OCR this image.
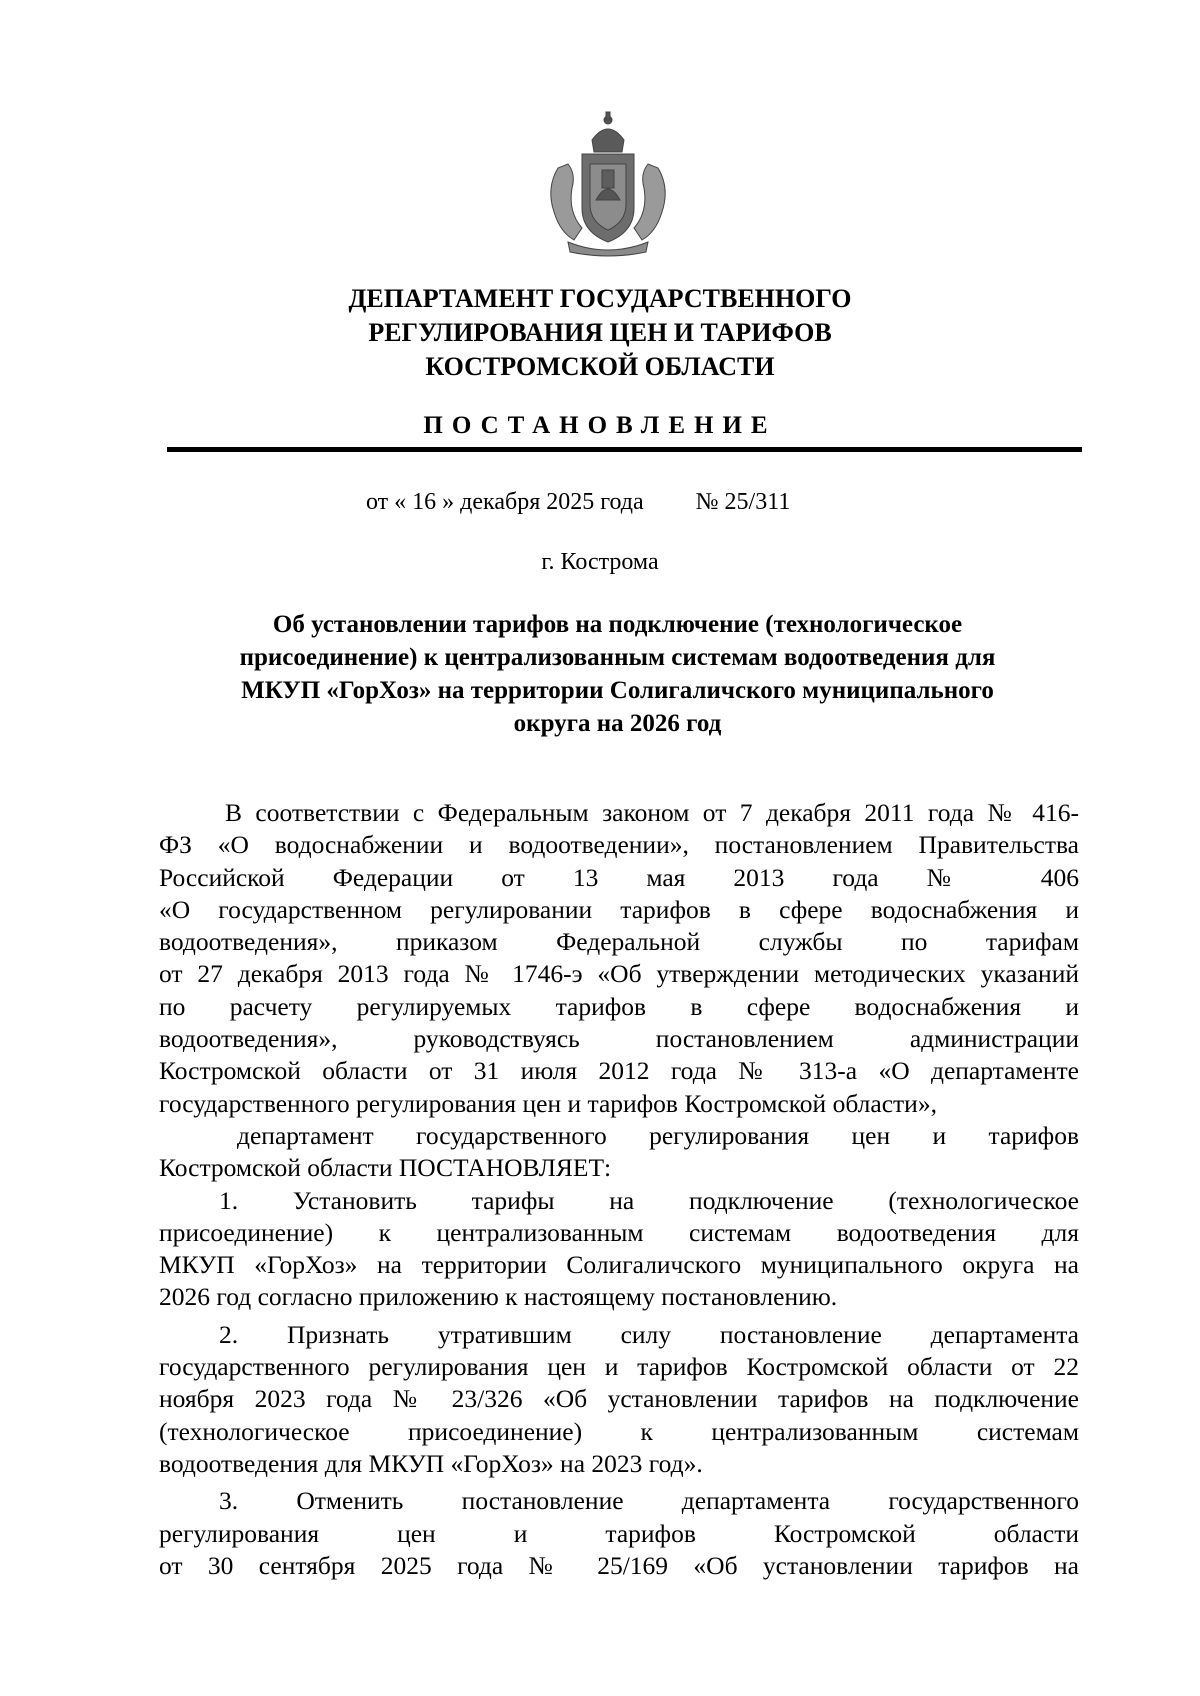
ДЕПАРТАМЕНТ ГОСУДАРСТВЕННОГО
РЕГУЛИРОВАНИЯ ЦЕН И ТАРИФОВ
КОСТРОМСКОЙ ОБЛАСТИ
ПОСТАНОВЛЕНИЕ
от « 16 » декабря 2025 года № 25/311
г. Кострома
Об установлении тарифов на подключение (технологическое
присоединение) к централизованным системам водоотведения для
МКУП «ГорХоз» на территории Солигаличского муниципального
округа на 2026 год

В соответствии с Федеральным законом от 7 декабря 2011 года № 416-

ФЗ «О водоснабжении и водоотведении», постановлением Правительства

Российской Федерации от 13 мая 2013 года № 406

«О государственном регулировании тарифов в сфере водоснабжения и

водоотведения», приказом Федеральной службы по тарифам

от 27 декабря 2013 года № 1746-э «Об утверждении методических указаний

по расчету регулируемых тарифов в сфере водоснабжения и

водоотведения», руководствуясь постановлением администрации

Костромской области от 31 июля 2012 года № 313-а «О департаменте

государственного регулирования цен и тарифов Костромской области»,

департамент государственного регулирования цен и тарифов

Костромской области ПОСТАНОВЛЯЕТ:

1. Установить тарифы на подключение (технологическое

присоединение) к централизованным системам водоотведения для

МКУП «ГорХоз» на территории Солигаличского муниципального округа на

2026 год согласно приложению к настоящему постановлению.

2. Признать утратившим силу постановление департамента

государственного регулирования цен и тарифов Костромской области от 22

ноября 2023 года № 23/326 «Об установлении тарифов на подключение

(технологическое присоединение) к централизованным системам

водоотведения для МКУП «ГорХоз» на 2023 год».

3. Отменить постановление департамента государственного

регулирования цен и тарифов Костромской области

от 30 сентября 2025 года № 25/169 «Об установлении тарифов на
